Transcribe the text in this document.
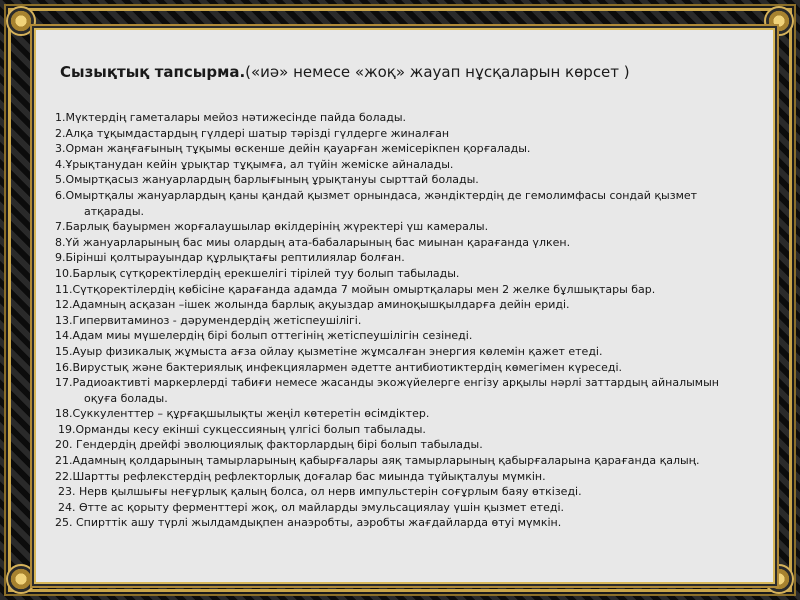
Сызықтық тапсырма.(«иә» немесе «жоқ» жауап нұсқаларын көрсет )
1.Мүктердің гаметалары мейоз нәтижесінде пайда болады.
2.Алқа тұқымдастардың гүлдері шатыр тәрізді гүлдерге жиналған
3.Орман жаңғағының тұқымы өскенше дейін қауарған жемісерікпен қорғалады.
4.Ұрықтанудан кейін ұрықтар тұқымға, ал түйін жеміске айналады.
5.Омыртқасыз жануарлардың барлығының ұрықтануы сырттай болады.
6.Омыртқалы жануарлардың қаны қандай қызмет орнындаса, жәндіктердің де гемолимфасы сондай қызмет атқарады.
7.Барлық бауырмен жорғалаушылар өкілдерінің жүректері үш камералы.
8.Үй жануарларының бас миы олардың ата-бабаларының бас миынан қарағанда үлкен.
9.Бірінші қолтырауындар құрлықтағы рептилиялар болған.
10.Барлық сүтқоректілердің ерекшелігі тірілей туу болып табылады.
11.Сүтқоректілердің көбісіне қарағанда адамда 7 мойын омыртқалары мен 2 желке бұлшықтары бар.
12.Адамның асқазан –ішек жолында барлық ақуыздар аминоқышқылдарға дейін ериді.
13.Гипервитаминоз - дәрумендердің жетіспеушілігі.
14.Адам миы мүшелердің бірі болып оттегінің жетіспеушілігін сезінеді.
15.Ауыр физикалық жұмыста ағза ойлау қызметіне жұмсалған энергия көлемін қажет етеді.
16.Вирустық және бактериялық инфекциялармен әдетте антибиотиктердің көмегімен күреседі.
17.Радиоактивті маркерлерді табиғи немесе жасанды экожүйелерге енгізу арқылы нәрлі заттардың айналымын оқуға болады.
18.Суккуленттер – құрғақшылықты жеңіл көтеретін өсімдіктер.
19.Орманды кесу екінші сукцессияның үлгісі болып табылады.
20. Гендердің дрейфі эволюциялық факторлардың бірі болып табылады.
21.Адамның қолдарының тамырларының қабырғалары аяқ тамырларының қабырғаларына қарағанда қалың.
22.Шартты рефлекстердің рефлекторлық доғалар бас миында тұйықталуы мүмкін.
23. Нерв қылшығы неғұрлық қалың болса, ол нерв импульстерін соғұрлым баяу өткізеді.
24. Өтте ас қорыту ферменттері жоқ, ол майларды эмульсациялау үшін қызмет етеді.
25. Спирттік ашу түрлі жылдамдықпен анаэробты, аэробты жағдайларда өтуі мүмкін.
